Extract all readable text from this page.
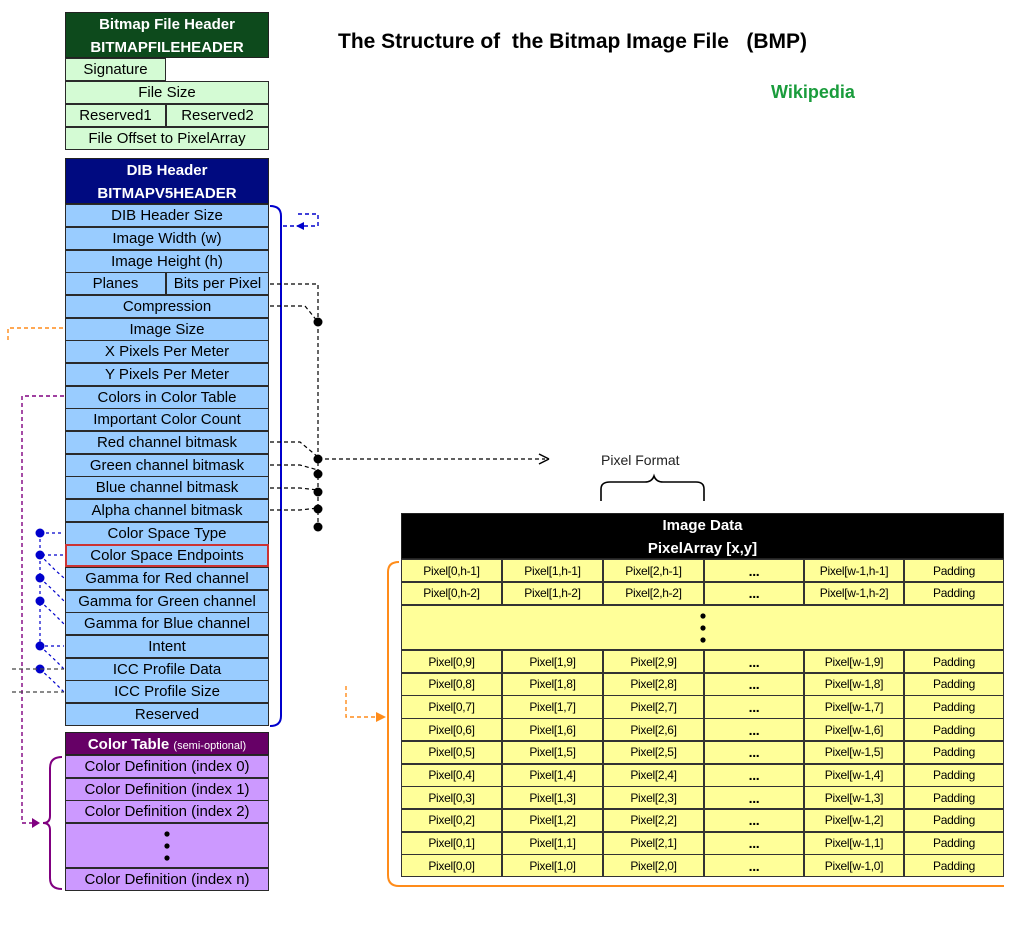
The Structure of  the Bitmap Image File   (BMP)
Wikipedia
Bitmap File Header
BITMAPFILEHEADER
Signature
File Size
Reserved1	Reserved2
File Offset to PixelArray
DIB Header
BITMAPV5HEADER
DIB Header Size
Image Width (w)
Image Height (h)
Planes	Bits per Pixel
Compression
Image Size
X Pixels Per Meter
Y Pixels Per Meter
Colors in Color Table
Important Color Count
Red channel bitmask
Green channel bitmask
Blue channel bitmask
Alpha channel bitmask
Color Space Type
Color Space Endpoints
Gamma for Red channel
Gamma for Green channel
Gamma for Blue channel
Intent
ICC Profile Data
ICC Profile Size
Reserved
Color Table (semi-optional)
Color Definition (index 0)
Color Definition (index 1)
Color Definition (index 2)
Color Definition (index n)
Pixel Format
Image Data
PixelArray [x,y]
Pixel[0,h-1]	Pixel[1,h-1]	Pixel[2,h-1]	...	Pixel[w-1,h-1]	Padding
Pixel[0,h-2]	Pixel[1,h-2]	Pixel[2,h-2]	...	Pixel[w-1,h-2]	Padding
Pixel[0,9]	Pixel[1,9]	Pixel[2,9]	...	Pixel[w-1,9]	Padding
Pixel[0,8]	Pixel[1,8]	Pixel[2,8]	...	Pixel[w-1,8]	Padding
Pixel[0,7]	Pixel[1,7]	Pixel[2,7]	...	Pixel[w-1,7]	Padding
Pixel[0,6]	Pixel[1,6]	Pixel[2,6]	...	Pixel[w-1,6]	Padding
Pixel[0,5]	Pixel[1,5]	Pixel[2,5]	...	Pixel[w-1,5]	Padding
Pixel[0,4]	Pixel[1,4]	Pixel[2,4]	...	Pixel[w-1,4]	Padding
Pixel[0,3]	Pixel[1,3]	Pixel[2,3]	...	Pixel[w-1,3]	Padding
Pixel[0,2]	Pixel[1,2]	Pixel[2,2]	...	Pixel[w-1,2]	Padding
Pixel[0,1]	Pixel[1,1]	Pixel[2,1]	...	Pixel[w-1,1]	Padding
Pixel[0,0]	Pixel[1,0]	Pixel[2,0]	...	Pixel[w-1,0]	Padding
